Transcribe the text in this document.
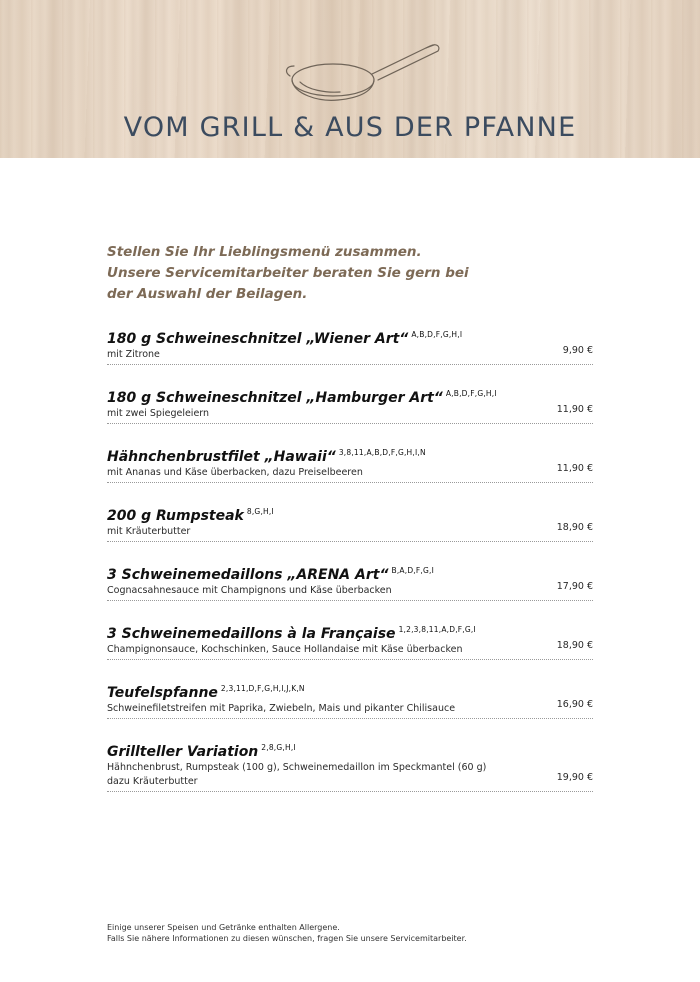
VOM GRILL & AUS DER PFANNE
Stellen Sie Ihr Lieblingsmenü zusammen.
Unsere Servicemitarbeiter beraten Sie gern bei
der Auswahl der Beilagen.
180 g Schweineschnitzel „Wiener Art“ $^{A,B,D,F,G,H,I}$
mit Zitrone	9,90 €
180 g Schweineschnitzel „Hamburger Art“ $^{A,B,D,F,G,H,I}$
mit zwei Spiegeleiern	11,90 €
Hähnchenbrustfilet „Hawaii“ $^{3,8,11,A,B,D,F,G,H,I,N}$
mit Ananas und Käse überbacken, dazu Preiselbeeren	11,90 €
200 g Rumpsteak $^{8,G,H,I}$
mit Kräuterbutter	18,90 €
3 Schweinemedaillons „ARENA Art“ $^{B,A,D,F,G,I}$
Cognacsahnesauce mit Champignons und Käse überbacken	17,90 €
3 Schweinemedaillons à la Française $^{1,2,3,8,11,A,D,F,G,I}$
Champignonsauce, Kochschinken, Sauce Hollandaise mit Käse überbacken	18,90 €
Teufelspfanne $^{2,3,11,D,F,G,H,I,J,K,N}$
Schweinefiletstreifen mit Paprika, Zwiebeln, Mais und pikanter Chilisauce	16,90 €
Grillteller Variation $^{2,8,G,H,I}$
Hähnchenbrust, Rumpsteak (100 g), Schweinemedaillon im Speckmantel (60 g)
dazu Kräuterbutter	19,90 €
Einige unserer Speisen und Getränke enthalten Allergene.
Falls Sie nähere Informationen zu diesen wünschen, fragen Sie unsere Servicemitarbeiter.
